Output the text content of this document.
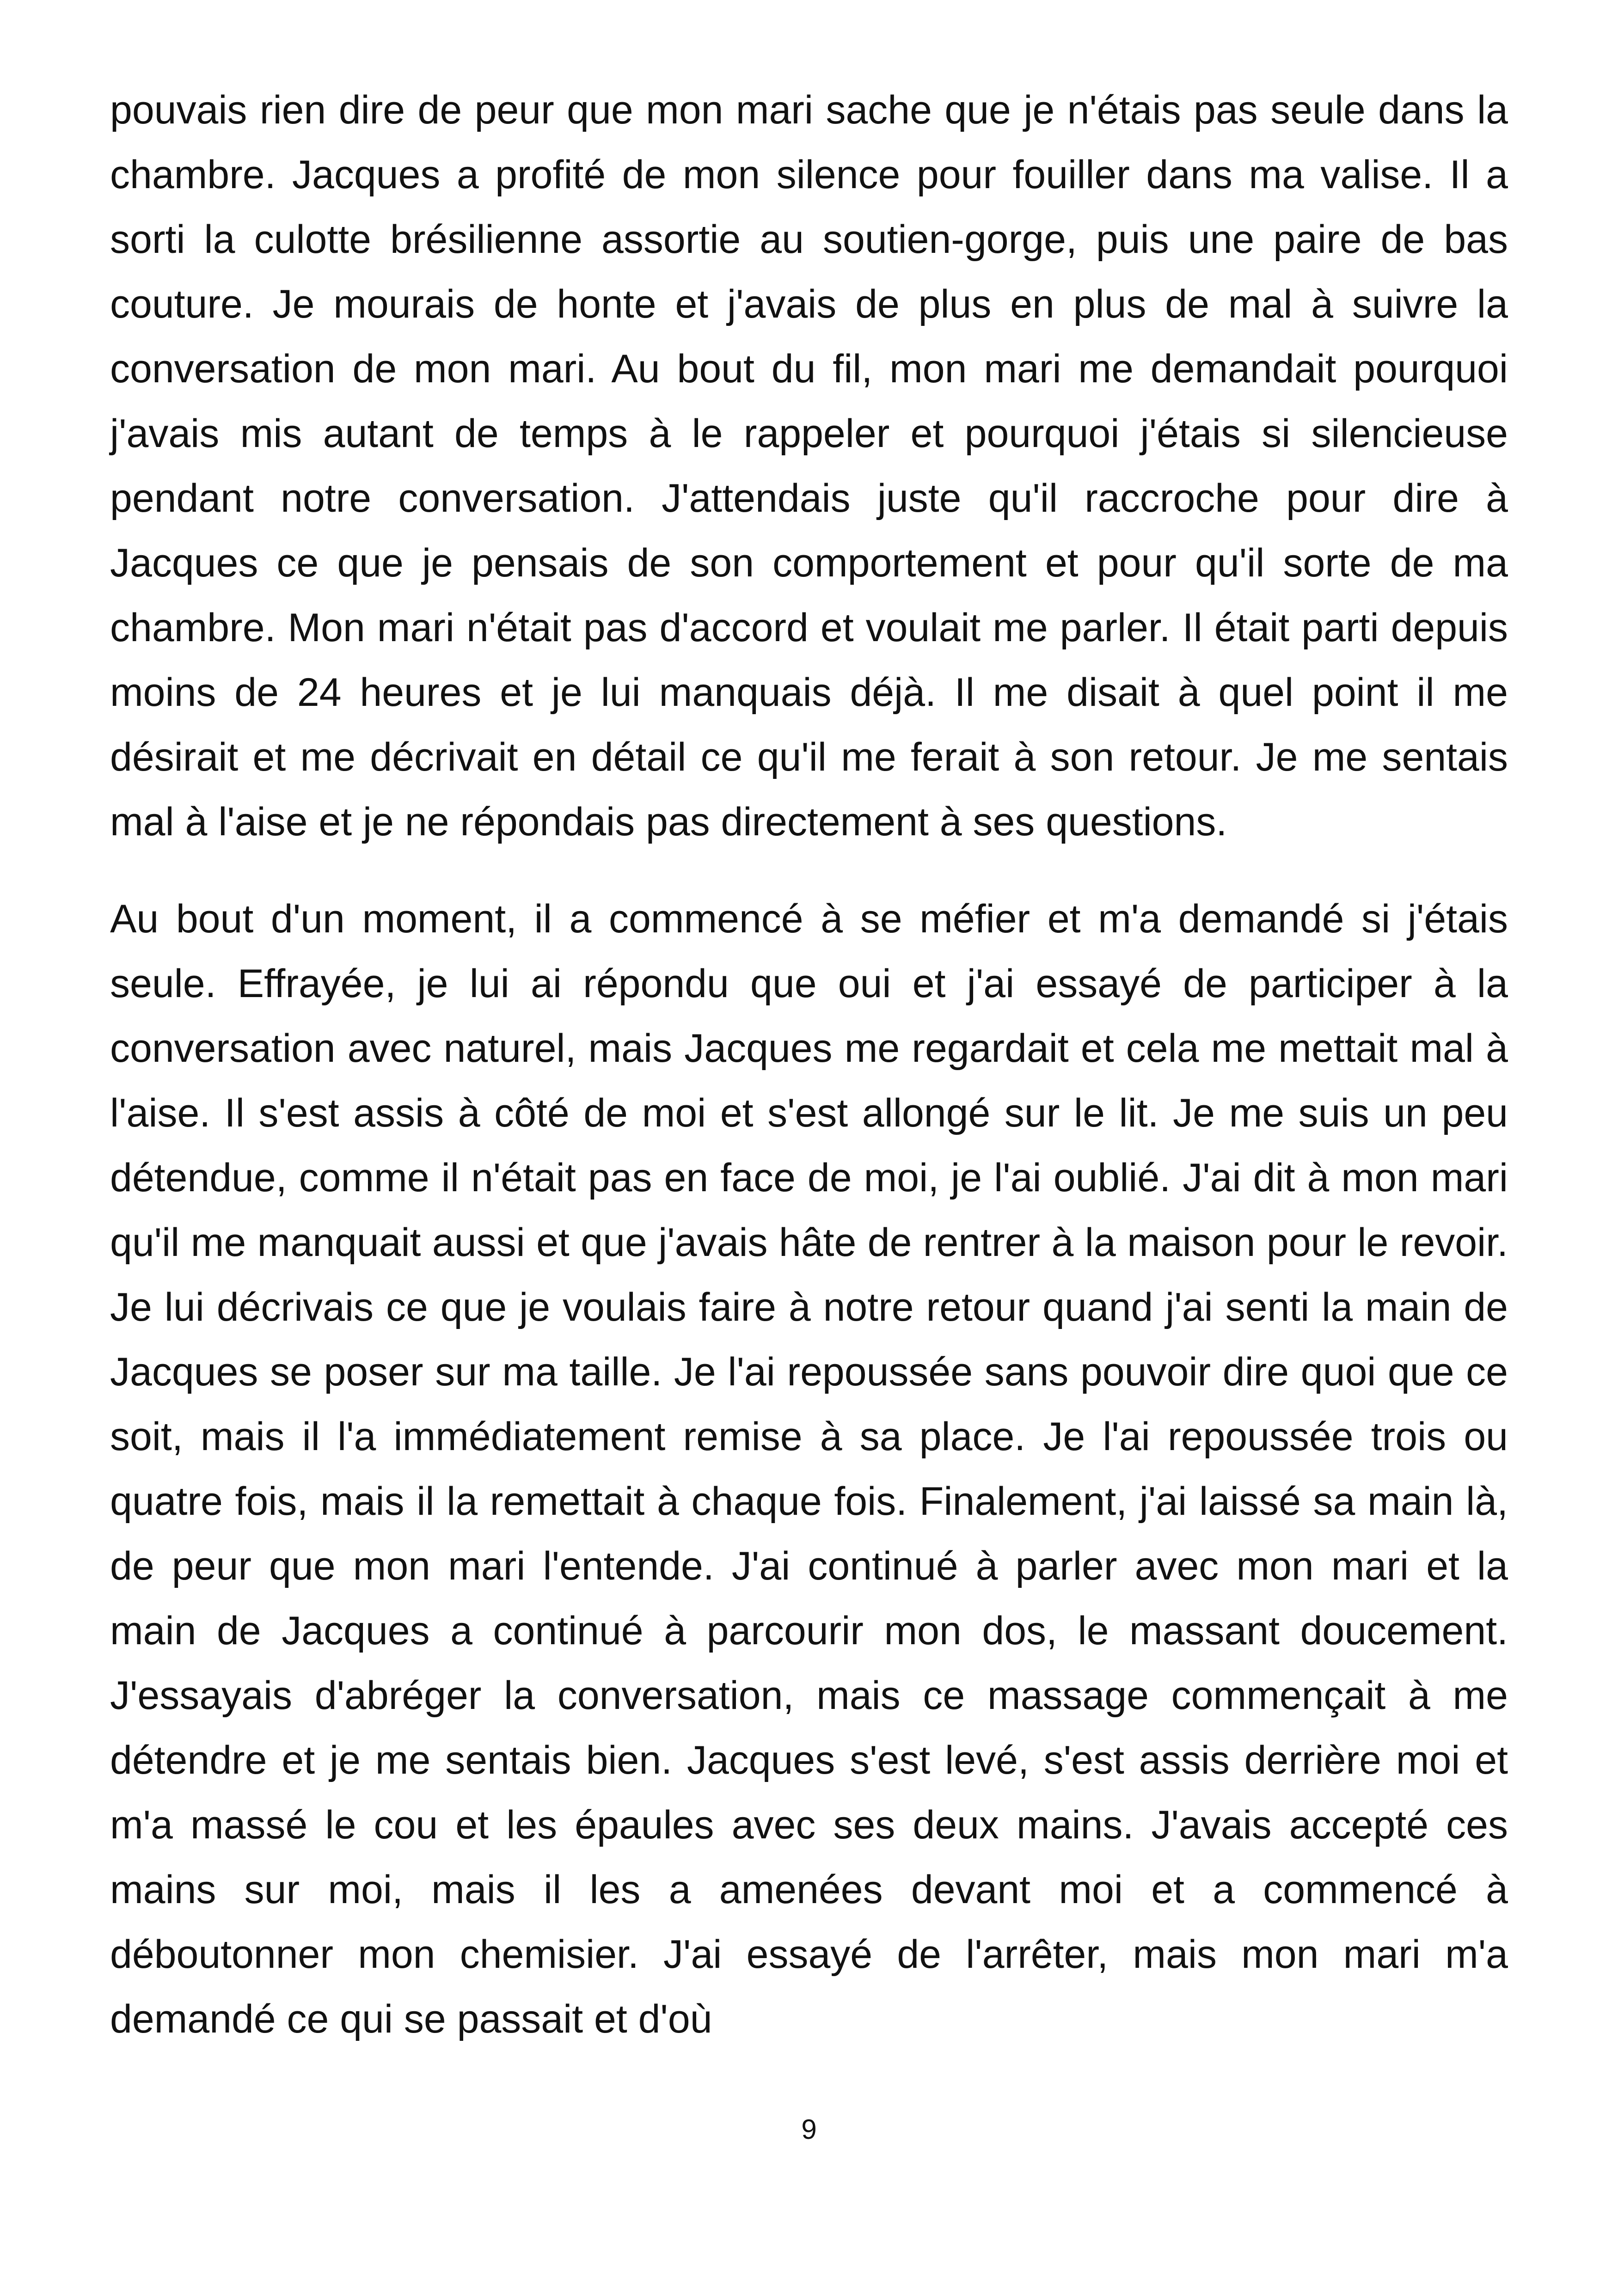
pouvais rien dire de peur que mon mari sache que je n'étais pas seule dans la chambre. Jacques a profité de mon silence pour fouiller dans ma valise. Il a sorti la culotte brésilienne assortie au soutien-gorge, puis une paire de bas couture. Je mourais de honte et j'avais de plus en plus de mal à suivre la conversation de mon mari. Au bout du fil, mon mari me demandait pourquoi j'avais mis autant de temps à le rappeler et pourquoi j'étais si silencieuse pendant notre conversation. J'attendais juste qu'il raccroche pour dire à Jacques ce que je pensais de son comportement et pour qu'il sorte de ma chambre. Mon mari n'était pas d'accord et voulait me parler. Il était parti depuis moins de 24 heures et je lui manquais déjà. Il me disait à quel point il me désirait et me décrivait en détail ce qu'il me ferait à son retour. Je me sentais mal à l'aise et je ne répondais pas directement à ses questions.

Au bout d'un moment, il a commencé à se méfier et m'a demandé si j'étais seule. Effrayée, je lui ai répondu que oui et j'ai essayé de participer à la conversation avec naturel, mais Jacques me regardait et cela me mettait mal à l'aise. Il s'est assis à côté de moi et s'est allongé sur le lit. Je me suis un peu détendue, comme il n'était pas en face de moi, je l'ai oublié. J'ai dit à mon mari qu'il me manquait aussi et que j'avais hâte de rentrer à la maison pour le revoir. Je lui décrivais ce que je voulais faire à notre retour quand j'ai senti la main de Jacques se poser sur ma taille. Je l'ai repoussée sans pouvoir dire quoi que ce soit, mais il l'a immédiatement remise à sa place. Je l'ai repoussée trois ou quatre fois, mais il la remettait à chaque fois. Finalement, j'ai laissé sa main là, de peur que mon mari l'entende. J'ai continué à parler avec mon mari et la main de Jacques a continué à parcourir mon dos, le massant doucement. J'essayais d'abréger la conversation, mais ce massage commençait à me détendre et je me sentais bien. Jacques s'est levé, s'est assis derrière moi et m'a massé le cou et les épaules avec ses deux mains. J'avais accepté ces mains sur moi, mais il les a amenées devant moi et a commencé à déboutonner mon chemisier. J'ai essayé de l'arrêter, mais mon mari m'a demandé ce qui se passait et d'où

9
